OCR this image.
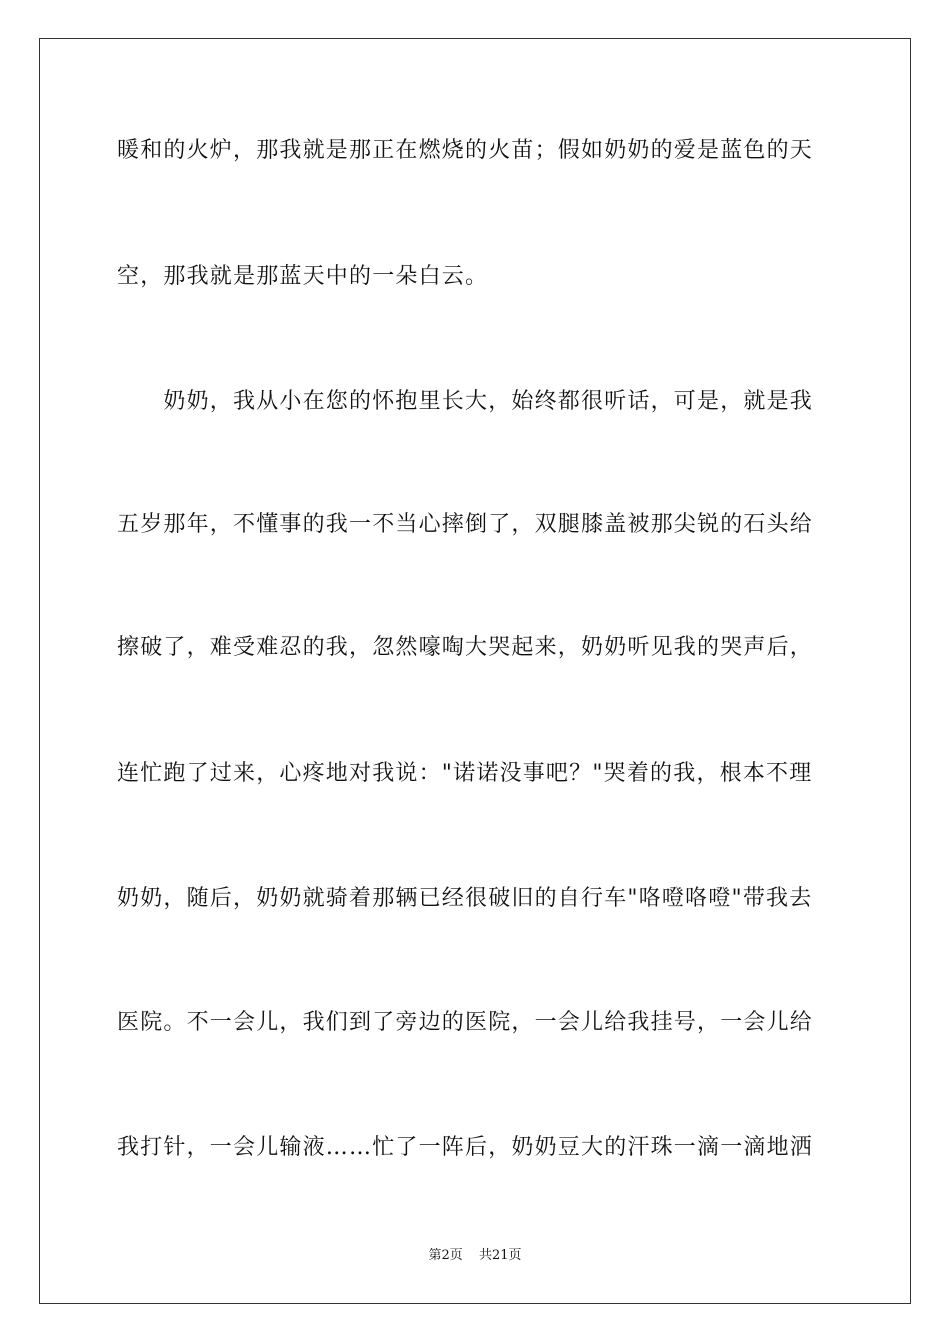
暖和的火炉，那我就是那正在燃烧的火苗；假如奶奶的爱是蓝色的天
空，那我就是那蓝天中的一朵白云。
　　奶奶，我从小在您的怀抱里长大，始终都很听话，可是，就是我
五岁那年，不懂事的我一不当心摔倒了，双腿膝盖被那尖锐的石头给
擦破了，难受难忍的我，忽然嚎啕大哭起来，奶奶听见我的哭声后，
连忙跑了过来，心疼地对我说："诺诺没事吧？"哭着的我，根本不理
奶奶，随后，奶奶就骑着那辆已经很破旧的自行车"咯噔咯噔"带我去
医院。不一会儿，我们到了旁边的医院，一会儿给我挂号，一会儿给
我打针，一会儿输液……忙了一阵后，奶奶豆大的汗珠一滴一滴地洒
第2页 共21页
